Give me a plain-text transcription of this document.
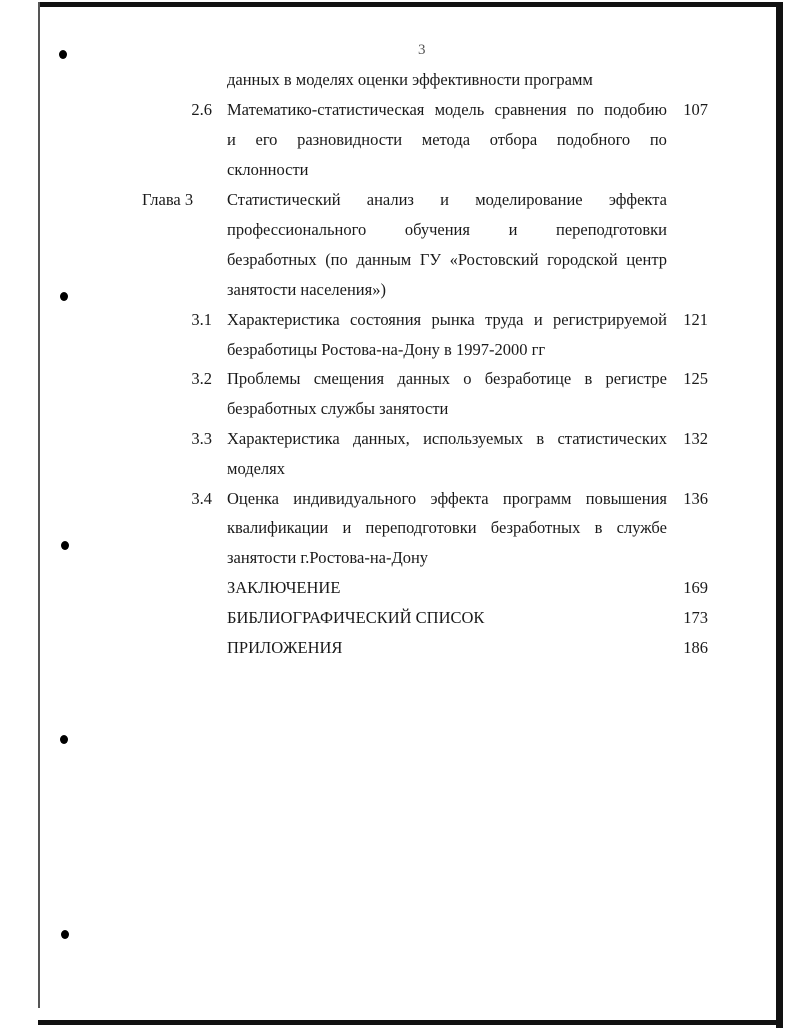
3
данных в моделях оценки эффективности программ
2.6 Математико-статистическая модель сравнения по подобию 107
и его разновидности метода отбора подобного по
склонности
Глава 3 Статистический анализ и моделирование эффекта
профессионального обучения и переподготовки
безработных (по данным ГУ «Ростовский городской центр
занятости населения»)
3.1 Характеристика состояния рынка труда и регистрируемой 121
безработицы Ростова-на-Дону в 1997-2000 гг
3.2 Проблемы смещения данных о безработице в регистре 125
безработных службы занятости
3.3 Характеристика данных, используемых в статистических 132
моделях
3.4 Оценка индивидуального эффекта программ повышения 136
квалификации и переподготовки безработных в службе
занятости г.Ростова-на-Дону
ЗАКЛЮЧЕНИЕ	169
БИБЛИОГРАФИЧЕСКИЙ СПИСОК	173
ПРИЛОЖЕНИЯ	186
